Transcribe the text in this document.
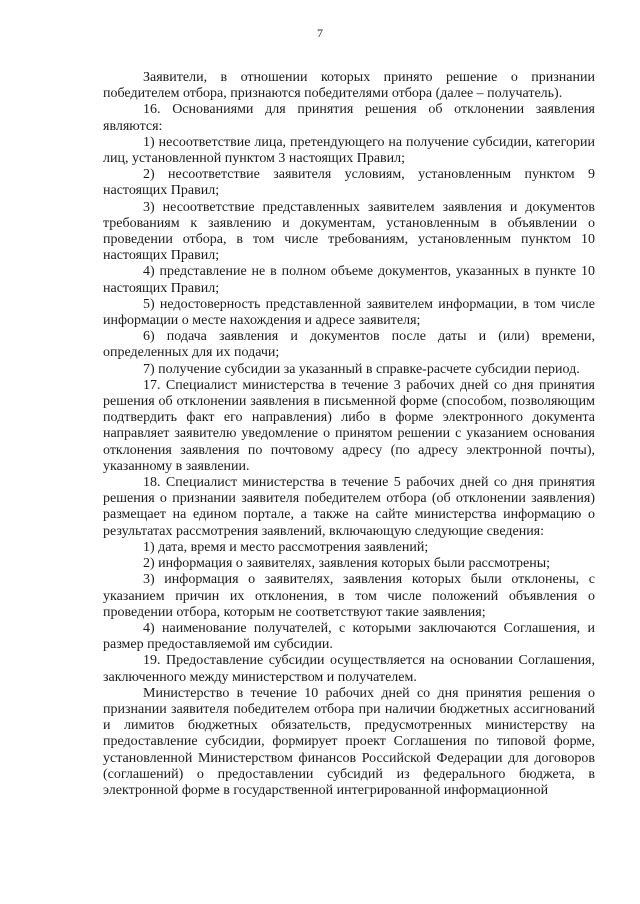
7

Заявители, в отношении которых принято решение о признании победителем отбора, признаются победителями отбора (далее – получатель).

16. Основаниями для принятия решения об отклонении заявления являются:

1) несоответствие лица, претендующего на получение субсидии, категории лиц, установленной пунктом 3 настоящих Правил;

2) несоответствие заявителя условиям, установленным пунктом 9 настоящих Правил;

3) несоответствие представленных заявителем заявления и документов требованиям к заявлению и документам, установленным в объявлении о проведении отбора, в том числе требованиям, установленным пунктом 10 настоящих Правил;

4) представление не в полном объеме документов, указанных в пункте 10 настоящих Правил;

5) недостоверность представленной заявителем информации, в том числе информации о месте нахождения и адресе заявителя;

6) подача заявления и документов после даты и (или) времени, определенных для их подачи;

7) получение субсидии за указанный в справке-расчете субсидии период.

17. Специалист министерства в течение 3 рабочих дней со дня принятия решения об отклонении заявления в письменной форме (способом, позволяющим подтвердить факт его направления) либо в форме электронного документа направляет заявителю уведомление о принятом решении с указанием основания отклонения заявления по почтовому адресу (по адресу электронной почты), указанному в заявлении.

18. Специалист министерства в течение 5 рабочих дней со дня принятия решения о признании заявителя победителем отбора (об отклонении заявления) размещает на едином портале, а также на сайте министерства информацию о результатах рассмотрения заявлений, включающую следующие сведения:

1) дата, время и место рассмотрения заявлений;

2) информация о заявителях, заявления которых были рассмотрены;

3) информация о заявителях, заявления которых были отклонены, с указанием причин их отклонения, в том числе положений объявления о проведении отбора, которым не соответствуют такие заявления;

4) наименование получателей, с которыми заключаются Соглашения, и размер предоставляемой им субсидии.

19. Предоставление субсидии осуществляется на основании Соглашения, заключенного между министерством и получателем.

Министерство в течение 10 рабочих дней со дня принятия решения о признании заявителя победителем отбора при наличии бюджетных ассигнований и лимитов бюджетных обязательств, предусмотренных министерству на предоставление субсидии, формирует проект Соглашения по типовой форме, установленной Министерством финансов Российской Федерации для договоров (соглашений) о предоставлении субсидий из федерального бюджета, в электронной форме в государственной интегрированной информационной
